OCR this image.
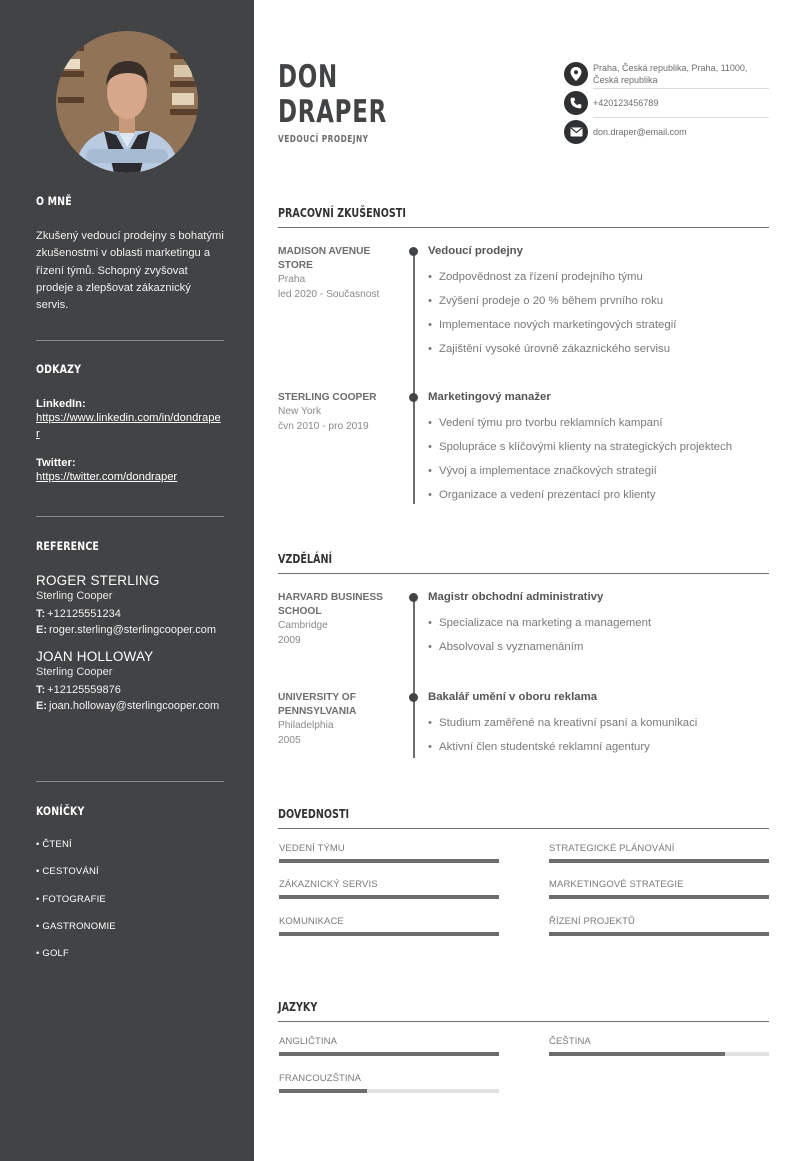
O MNĚ
Zkušený vedoucí prodejny s bohatými zkušenostmi v oblasti marketingu a řízení týmů. Schopný zvyšovat prodeje a zlepšovat zákaznický servis.
ODKAZY
LinkedIn:
https://www.linkedin.com/in/dondraper
Twitter:
https://twitter.com/dondraper
REFERENCE
ROGER STERLING
Sterling Cooper
T: +12125551234
E: roger.sterling@sterlingcooper.com
JOAN HOLLOWAY
Sterling Cooper
T: +12125559876
E: joan.holloway@sterlingcooper.com
KONÍČKY
• ČTENÍ
• CESTOVÁNÍ
• FOTOGRAFIE
• GASTRONOMIE
• GOLF
DON
DRAPER
VEDOUCÍ PRODEJNY
Praha, Česká republika, Praha, 11000, Česká republika
+420123456789
don.draper@email.com
PRACOVNÍ ZKUŠENOSTI
MADISON AVENUE STORE
Praha
led 2020 - Současnost
Vedoucí prodejny
• Zodpovědnost za řízení prodejního týmu
• Zvýšení prodeje o 20 % během prvního roku
• Implementace nových marketingových strategií
• Zajištění vysoké úrovně zákaznického servisu
STERLING COOPER
New York
čvn 2010 - pro 2019
Marketingový manažer
• Vedení týmu pro tvorbu reklamních kampaní
• Spolupráce s klíčovými klienty na strategických projektech
• Vývoj a implementace značkových strategií
• Organizace a vedení prezentací pro klienty
VZDĚLÁNÍ
HARVARD BUSINESS SCHOOL
Cambridge
2009
Magistr obchodní administrativy
• Specializace na marketing a management
• Absolvoval s vyznamenáním
UNIVERSITY OF PENNSYLVANIA
Philadelphia
2005
Bakalář umění v oboru reklama
• Studium zaměřené na kreativní psaní a komunikaci
• Aktivní člen studentské reklamní agentury
DOVEDNOSTI
VEDENÍ TÝMU	STRATEGICKÉ PLÁNOVÁNÍ
ZÁKAZNICKÝ SERVIS	MARKETINGOVÉ STRATEGIE
KOMUNIKACE	ŘÍZENÍ PROJEKTŮ
JAZYKY
ANGLIČTINA	ČEŠTINA
FRANCOUZŠTINA
